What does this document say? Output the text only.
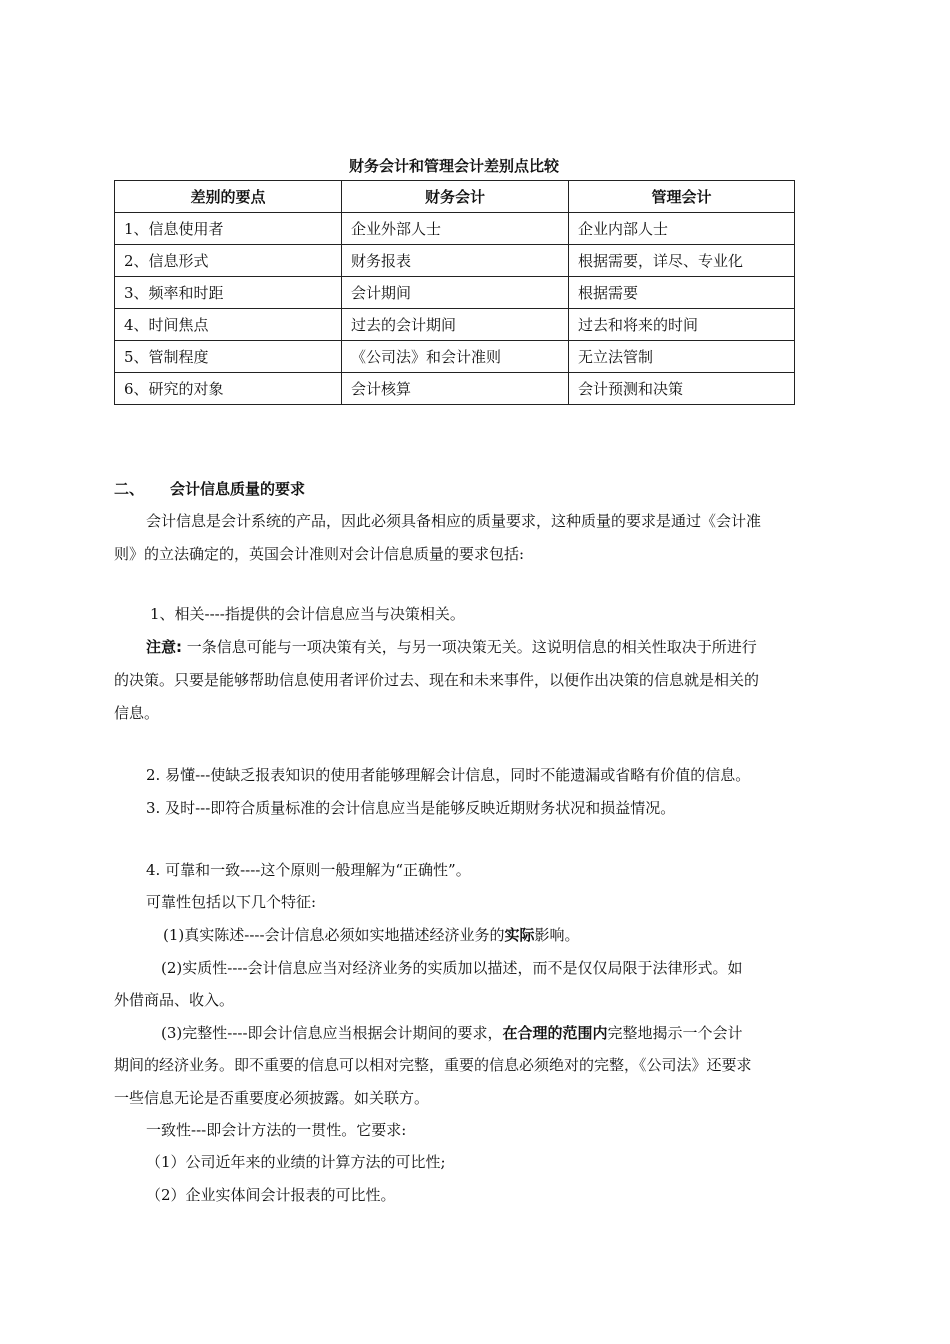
财务会计和管理会计差别点比较
差别的要点	财务会计	管理会计
1、信息使用者	企业外部人士	企业内部人士
2、信息形式	财务报表	根据需要，详尽、专业化
3、频率和时距	会计期间	根据需要
4、时间焦点	过去的会计期间	过去和将来的时间
5、管制程度	《公司法》和会计准则	无立法管制
6、研究的对象	会计核算	会计预测和决策
二、 会计信息质量的要求
会计信息是会计系统的产品，因此必须具备相应的质量要求，这种质量的要求是通过《会计准
则》的立法确定的，英国会计准则对会计信息质量的要求包括:
1、相关----指提供的会计信息应当与决策相关。
注意: 一条信息可能与一项决策有关，与另一项决策无关。这说明信息的相关性取决于所进行
的决策。只要是能够帮助信息使用者评价过去、现在和未来事件，以便作出决策的信息就是相关的
信息。
2. 易懂---使缺乏报表知识的使用者能够理解会计信息，同时不能遗漏或省略有价值的信息。
3. 及时---即符合质量标准的会计信息应当是能够反映近期财务状况和损益情况。
4. 可靠和一致----这个原则一般理解为“正确性”。
可靠性包括以下几个特征:
(1)真实陈述----会计信息必须如实地描述经济业务的实际影响。
(2)实质性----会计信息应当对经济业务的实质加以描述，而不是仅仅局限于法律形式。如
外借商品、收入。
(3)完整性----即会计信息应当根据会计期间的要求，在合理的范围内完整地揭示一个会计
期间的经济业务。即不重要的信息可以相对完整，重要的信息必须绝对的完整，《公司法》还要求
一些信息无论是否重要度必须披露。如关联方。
一致性---即会计方法的一贯性。它要求:
（1）公司近年来的业绩的计算方法的可比性;
（2）企业实体间会计报表的可比性。
